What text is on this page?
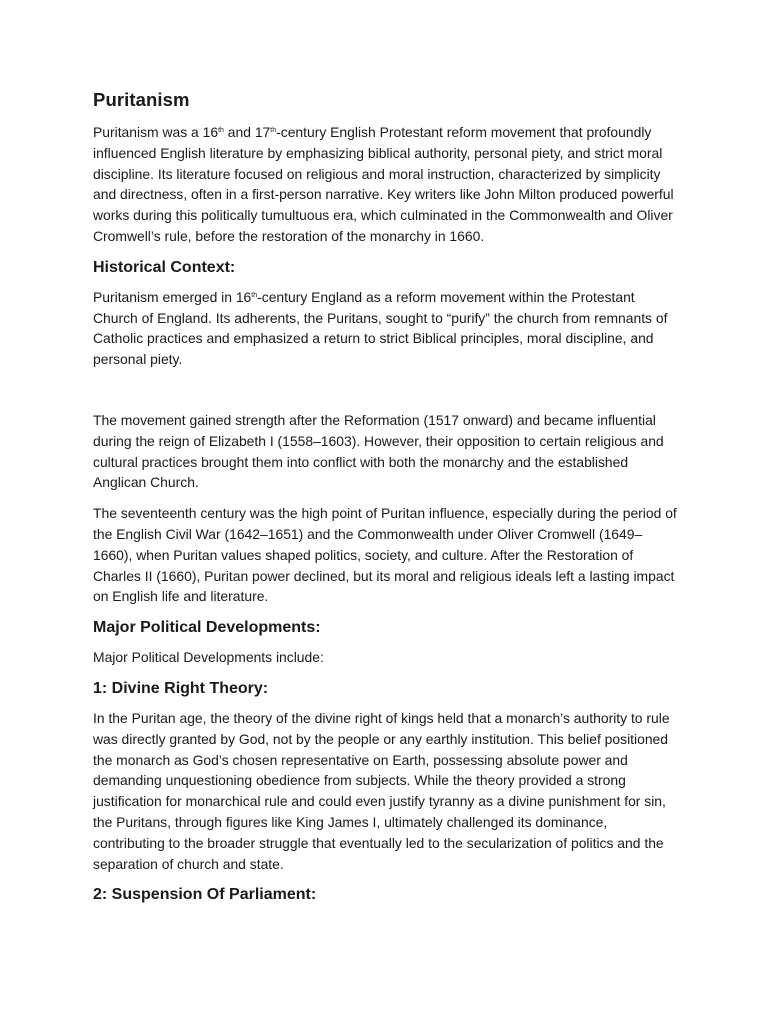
Puritanism

Puritanism was a 16th and 17th-century English Protestant reform movement that profoundly influenced English literature by emphasizing biblical authority, personal piety, and strict moral discipline. Its literature focused on religious and moral instruction, characterized by simplicity and directness, often in a first-person narrative. Key writers like John Milton produced powerful works during this politically tumultuous era, which culminated in the Commonwealth and Oliver Cromwell’s rule, before the restoration of the monarchy in 1660.

Historical Context:

Puritanism emerged in 16th-century England as a reform movement within the Protestant Church of England. Its adherents, the Puritans, sought to “purify” the church from remnants of Catholic practices and emphasized a return to strict Biblical principles, moral discipline, and personal piety.

The movement gained strength after the Reformation (1517 onward) and became influential during the reign of Elizabeth I (1558–1603). However, their opposition to certain religious and cultural practices brought them into conflict with both the monarchy and the established Anglican Church.

The seventeenth century was the high point of Puritan influence, especially during the period of the English Civil War (1642–1651) and the Commonwealth under Oliver Cromwell (1649–1660), when Puritan values shaped politics, society, and culture. After the Restoration of Charles II (1660), Puritan power declined, but its moral and religious ideals left a lasting impact on English life and literature.

Major Political Developments:

Major Political Developments include:

1: Divine Right Theory:

In the Puritan age, the theory of the divine right of kings held that a monarch’s authority to rule was directly granted by God, not by the people or any earthly institution. This belief positioned the monarch as God’s chosen representative on Earth, possessing absolute power and demanding unquestioning obedience from subjects. While the theory provided a strong justification for monarchical rule and could even justify tyranny as a divine punishment for sin, the Puritans, through figures like King James I, ultimately challenged its dominance, contributing to the broader struggle that eventually led to the secularization of politics and the separation of church and state.

2: Suspension Of Parliament:
